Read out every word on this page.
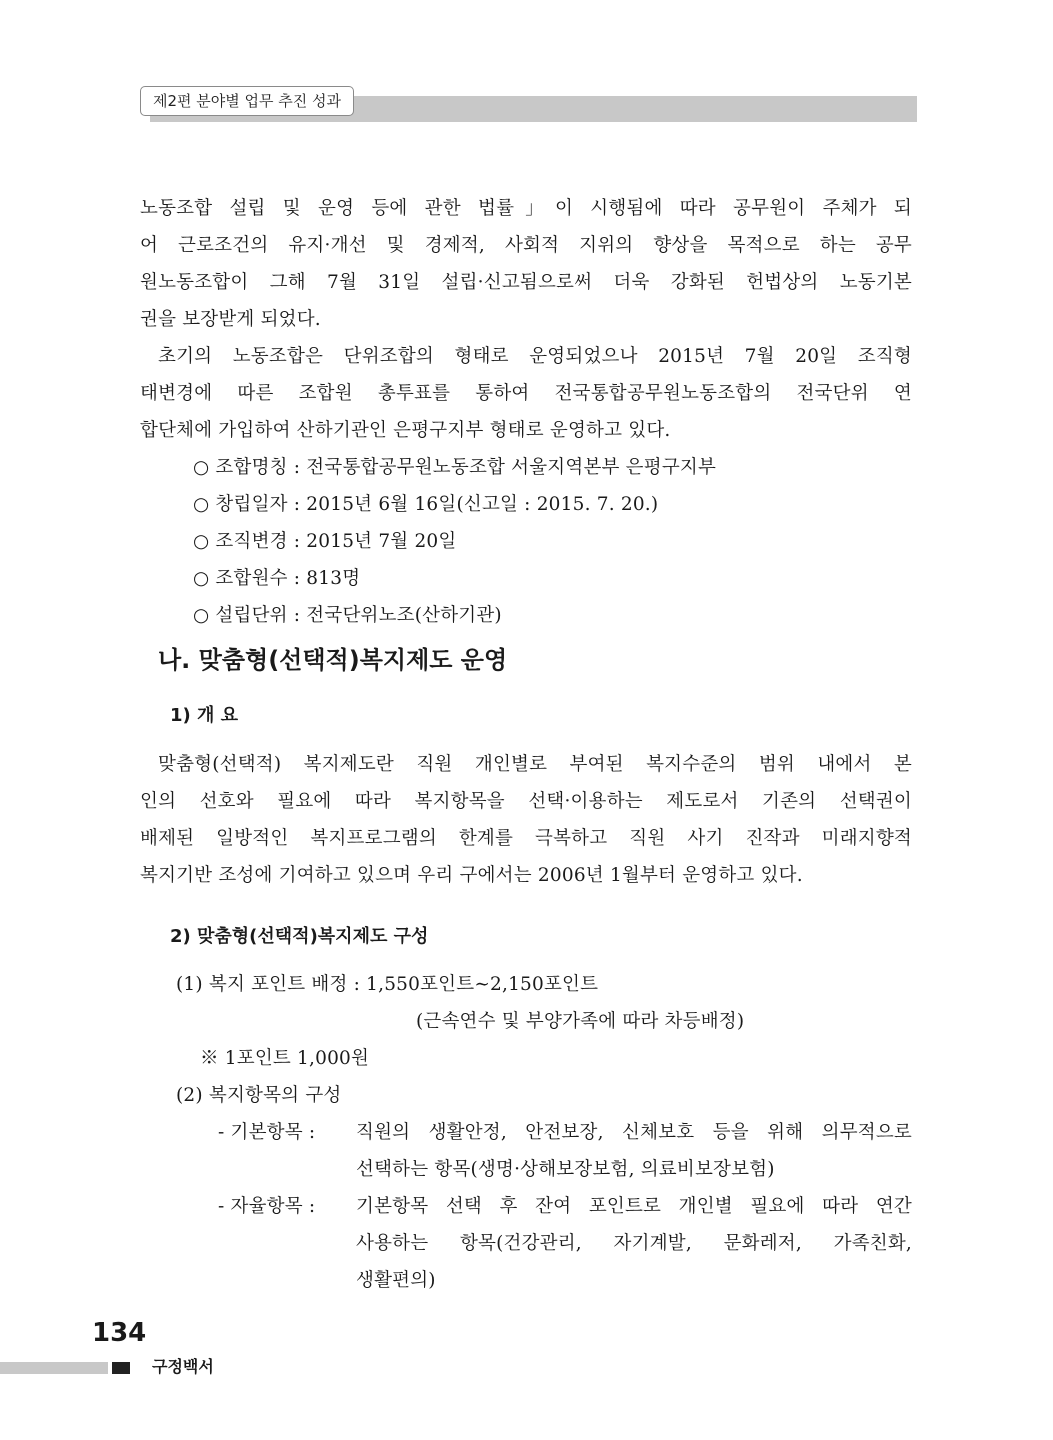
제2편 분야별 업무 추진 성과
노동조합 설립 및 운영 등에 관한 법률」이 시행됨에 따라 공무원이 주체가 되
어 근로조건의 유지·개선 및 경제적, 사회적 지위의 향상을 목적으로 하는 공무
원노동조합이 그해 7월 31일 설립·신고됨으로써 더욱 강화된 헌법상의 노동기본
권을 보장받게 되었다.
초기의 노동조합은 단위조합의 형태로 운영되었으나 2015년 7월 20일 조직형
태변경에 따른 조합원 총투표를 통하여 전국통합공무원노동조합의 전국단위 연
합단체에 가입하여 산하기관인 은평구지부 형태로 운영하고 있다.
○ 조합명칭 : 전국통합공무원노동조합 서울지역본부 은평구지부
○ 창립일자 : 2015년 6월 16일(신고일 : 2015. 7. 20.)
○ 조직변경 : 2015년 7월 20일
○ 조합원수 : 813명
○ 설립단위 : 전국단위노조(산하기관)
나. 맞춤형(선택적)복지제도 운영
1) 개 요
맞춤형(선택적) 복지제도란 직원 개인별로 부여된 복지수준의 범위 내에서 본
인의 선호와 필요에 따라 복지항목을 선택·이용하는 제도로서 기존의 선택권이
배제된 일방적인 복지프로그램의 한계를 극복하고 직원 사기 진작과 미래지향적
복지기반 조성에 기여하고 있으며 우리 구에서는 2006년 1월부터 운영하고 있다.
2) 맞춤형(선택적)복지제도 구성
(1) 복지 포인트 배정 : 1,550포인트∼2,150포인트
(근속연수 및 부양가족에 따라 차등배정)
※ 1포인트 1,000원
(2) 복지항목의 구성
- 기본항목 : 직원의 생활안정, 안전보장, 신체보호 등을 위해 의무적으로
선택하는 항목(생명·상해보장보험, 의료비보장보험)
- 자율항목 : 기본항목 선택 후 잔여 포인트로 개인별 필요에 따라 연간
사용하는 항목(건강관리, 자기계발, 문화레저, 가족친화,
생활편의)
134
구정백서
